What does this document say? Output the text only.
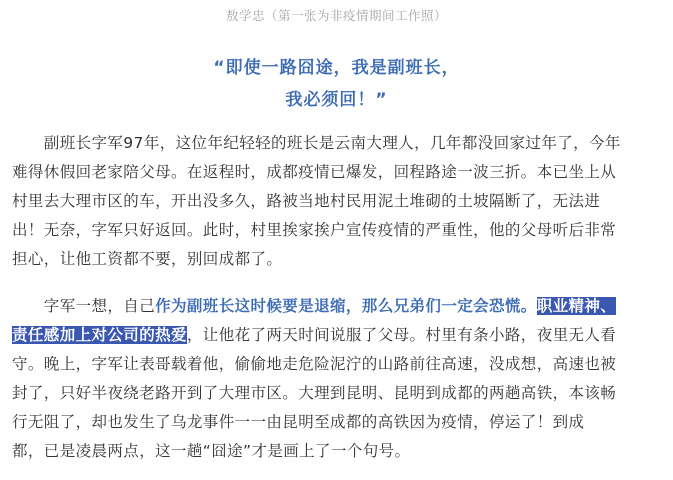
敖学忠（第一张为非疫情期间工作照）
“即使一路囧途，我是副班长，
我必须回！”
　　副班长字军97年，这位年纪轻轻的班长是云南大理人，几年都没回家过年了，今年
难得休假回老家陪父母。在返程时，成都疫情已爆发，回程路途一波三折。本已坐上从
村里去大理市区的车，开出没多久，路被当地村民用泥土堆砌的土坡隔断了，无法进
出！无奈，字军只好返回。此时，村里挨家挨户宣传疫情的严重性，他的父母听后非常
担心，让他工资都不要，别回成都了。
　　字军一想，自己作为副班长这时候要是退缩，那么兄弟们一定会恐慌。职业精神、
责任感加上对公司的热爱，让他花了两天时间说服了父母。村里有条小路，夜里无人看
守。晚上，字军让表哥载着他，偷偷地走危险泥泞的山路前往高速，没成想，高速也被
封了，只好半夜绕老路开到了大理市区。大理到昆明、昆明到成都的两趟高铁，本该畅
行无阻了，却也发生了乌龙事件一一由昆明至成都的高铁因为疫情，停运了！到成
都，已是凌晨两点，这一趟“囧途”才是画上了一个句号。
